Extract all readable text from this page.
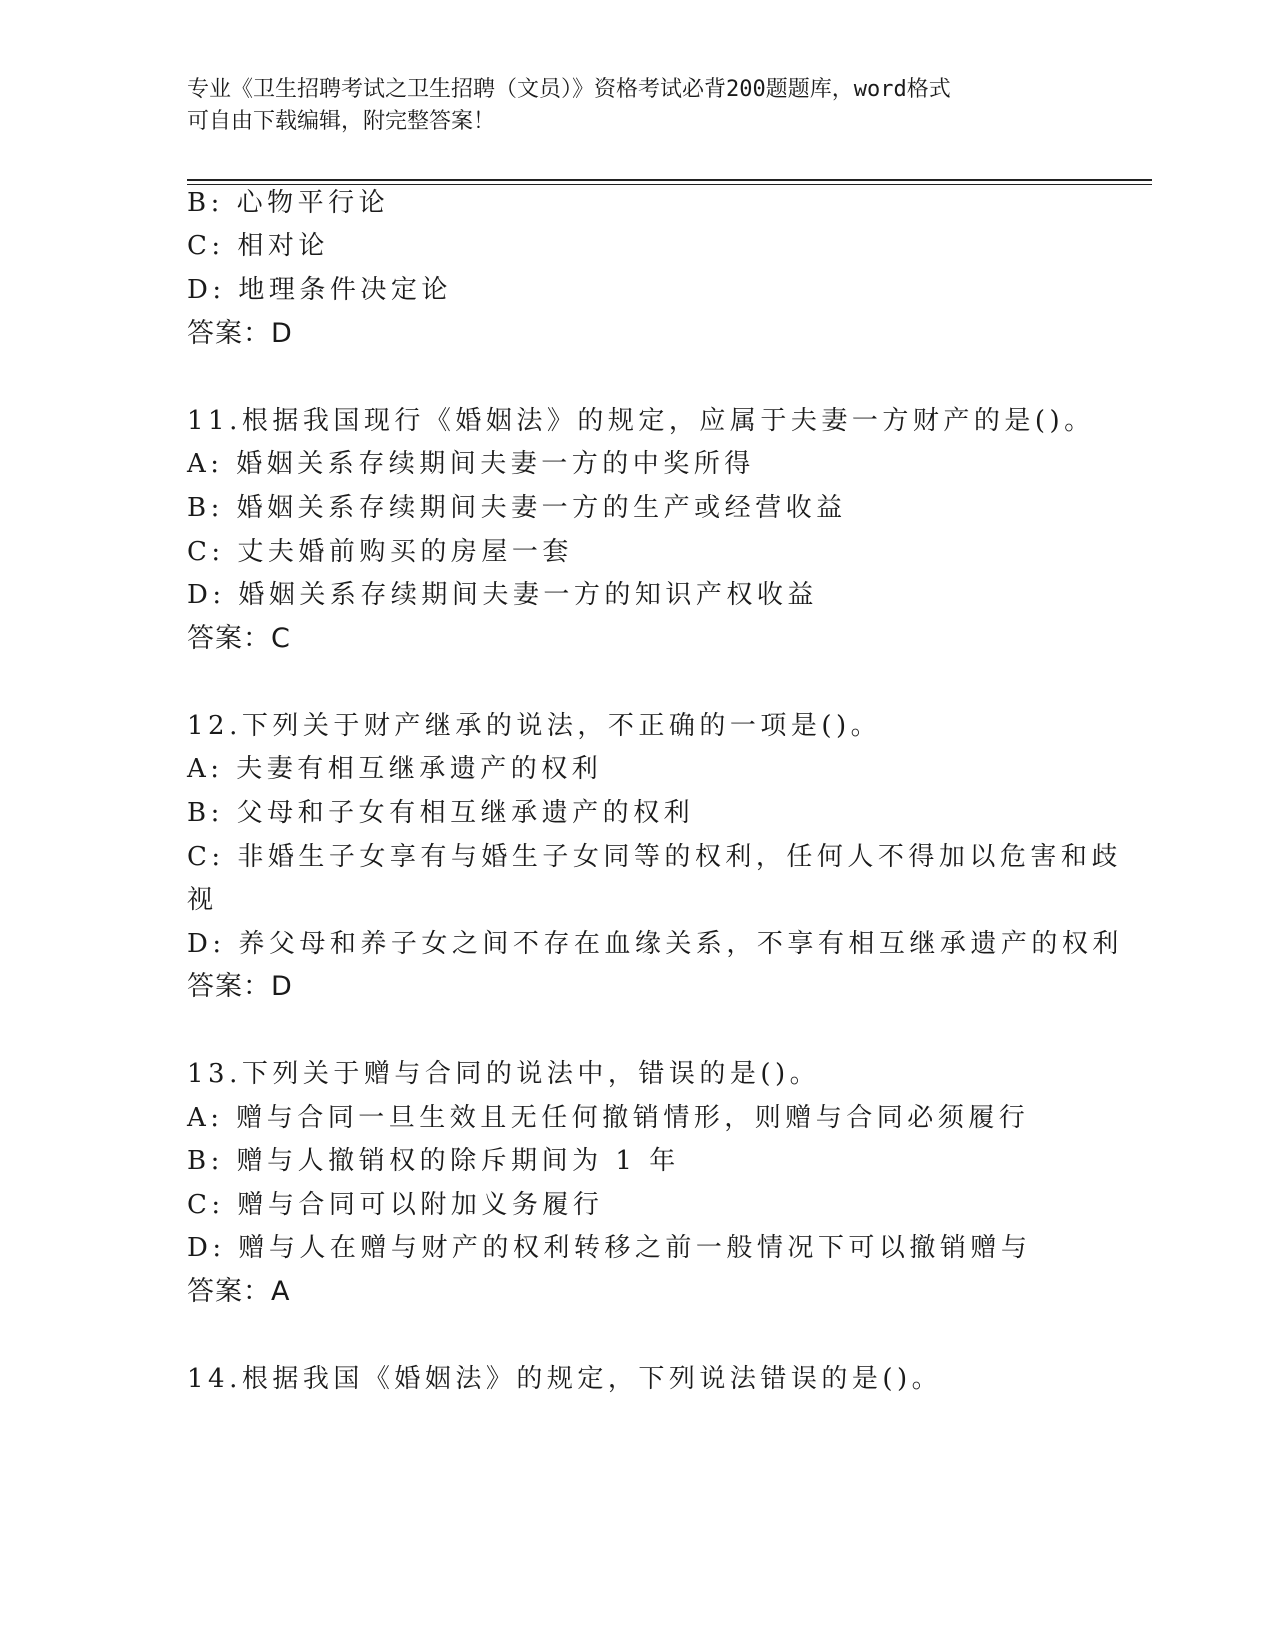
专业《卫生招聘考试之卫生招聘（文员）》资格考试必背200题题库，word格式
可自由下载编辑，附完整答案！
B: 心物平行论
C: 相对论
D: 地理条件决定论
答案：D
11.根据我国现行《婚姻法》的规定，应属于夫妻一方财产的是()。
A: 婚姻关系存续期间夫妻一方的中奖所得
B: 婚姻关系存续期间夫妻一方的生产或经营收益
C: 丈夫婚前购买的房屋一套
D: 婚姻关系存续期间夫妻一方的知识产权收益
答案：C
12.下列关于财产继承的说法，不正确的一项是()。
A: 夫妻有相互继承遗产的权利
B: 父母和子女有相互继承遗产的权利
C: 非婚生子女享有与婚生子女同等的权利，任何人不得加以危害和歧
视
D: 养父母和养子女之间不存在血缘关系，不享有相互继承遗产的权利
答案：D
13.下列关于赠与合同的说法中，错误的是()。
A: 赠与合同一旦生效且无任何撤销情形，则赠与合同必须履行
B: 赠与人撤销权的除斥期间为 1 年
C: 赠与合同可以附加义务履行
D: 赠与人在赠与财产的权利转移之前一般情况下可以撤销赠与
答案：A
14.根据我国《婚姻法》的规定，下列说法错误的是()。
